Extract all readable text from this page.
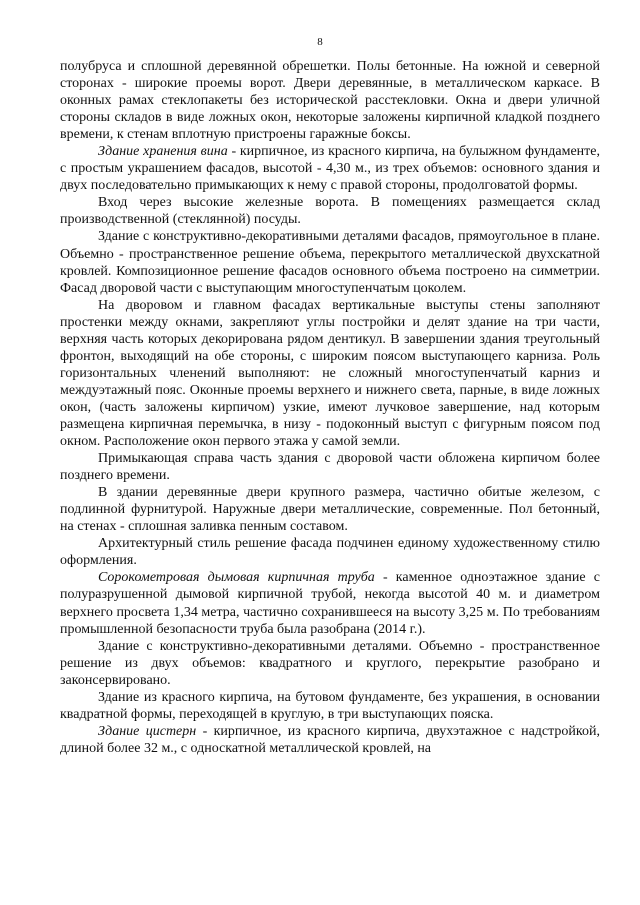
8

полубруса и сплошной деревянной обрешетки. Полы бетонные. На южной и северной сторонах - широкие проемы ворот. Двери деревянные, в металлическом каркасе. В оконных рамах стеклопакеты без исторической расстекловки. Окна и двери уличной стороны складов в виде ложных окон, некоторые заложены кирпичной кладкой позднего времени, к стенам вплотную пристроены гаражные боксы.

Здание хранения вина - кирпичное, из красного кирпича, на булыжном фундаменте, с простым украшением фасадов, высотой - 4,30 м., из трех объемов: основного здания и двух последовательно примыкающих к нему с правой стороны, продолговатой формы.

Вход через высокие железные ворота. В помещениях размещается склад производственной (стеклянной) посуды.

Здание с конструктивно-декоративными деталями фасадов, прямоугольное в плане. Объемно - пространственное решение объема, перекрытого металлической двухскатной кровлей. Композиционное решение фасадов основного объема построено на симметрии. Фасад дворовой части с выступающим многоступенчатым цоколем.

На дворовом и главном фасадах вертикальные выступы стены заполняют простенки между окнами, закрепляют углы постройки и делят здание на три части, верхняя часть которых декорирована рядом дентикул. В завершении здания треугольный фронтон, выходящий на обе стороны, с широким поясом выступающего карниза. Роль горизонтальных членений выполняют: не сложный многоступенчатый карниз и междуэтажный пояс. Оконные проемы верхнего и нижнего света, парные, в виде ложных окон, (часть заложены кирпичом) узкие, имеют лучковое завершение, над которым размещена кирпичная перемычка, в низу - подоконный выступ с фигурным поясом под окном. Расположение окон первого этажа у самой земли.

Примыкающая справа часть здания с дворовой части обложена кирпичом более позднего времени.

В здании деревянные двери крупного размера, частично обитые железом, с подлинной фурнитурой. Наружные двери металлические, современные. Пол бетонный, на стенах - сплошная заливка пенным составом.

Архитектурный стиль решение фасада подчинен единому художественному стилю оформления.

Сорокометровая дымовая кирпичная труба - каменное одноэтажное здание с полуразрушенной дымовой кирпичной трубой, некогда высотой 40 м. и диаметром верхнего просвета 1,34 метра, частично сохранившееся на высоту 3,25 м. По требованиям промышленной безопасности труба была разобрана (2014 г.).

Здание с конструктивно-декоративными деталями. Объемно - пространственное решение из двух объемов: квадратного и круглого, перекрытие разобрано и законсервировано.

Здание из красного кирпича, на бутовом фундаменте, без украшения, в основании квадратной формы, переходящей в круглую, в три выступающих пояска.

Здание цистерн - кирпичное, из красного кирпича, двухэтажное с надстройкой, длиной более 32 м., с односкатной металлической кровлей, на
